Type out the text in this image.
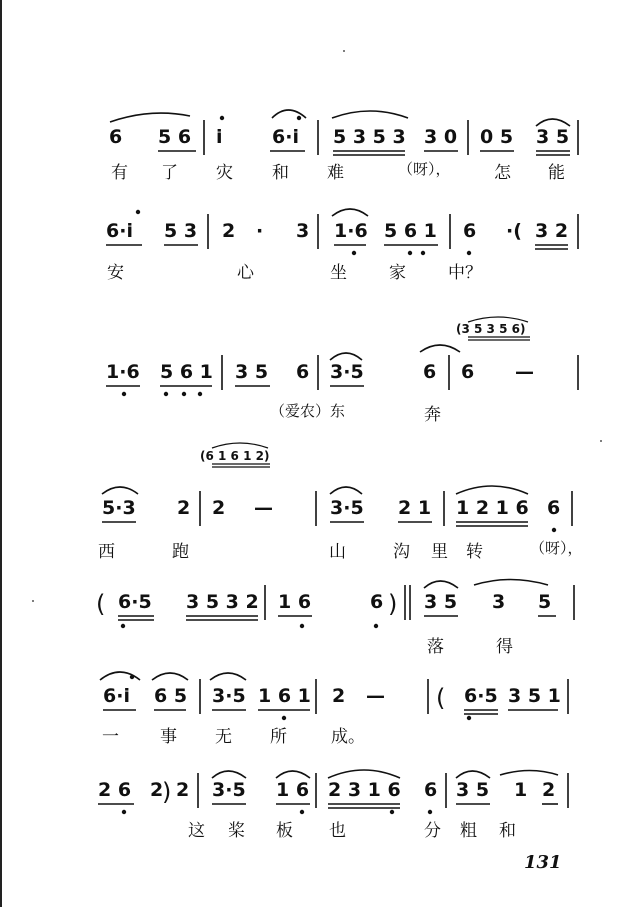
6 5 6 i	6·i 5 3 5 3 3 0 0 5 3 5
有 了 灾 和 难	（呀），	怎 能
6·i 5 3 2 · 3 1·6 5 6 1 6 ·( 3 2
安	心	坐 家 中？
(3 5 3 5 6)
1·6 5 6 1 3 5 6 3·5	6 6 —
（爱农）东	奔
(6 1 6 1 2)
5·3 2 2 —	3·5 2 1 1 2 1 6 6
西	跑	山	沟 里 转	（呀），
( 6·5 3 5 3 2 1 6	6 ) 3 5 3 5
落	得
6·i 6 5 3·5 1 6 1 2 — ( 6·5 3 5 1
一 事 无 所	成。
2 6 2
) 2 3·5 1 6 2 3 1 6 6 3 5 1 2
这 桨 板 也	分 粗 和
131
